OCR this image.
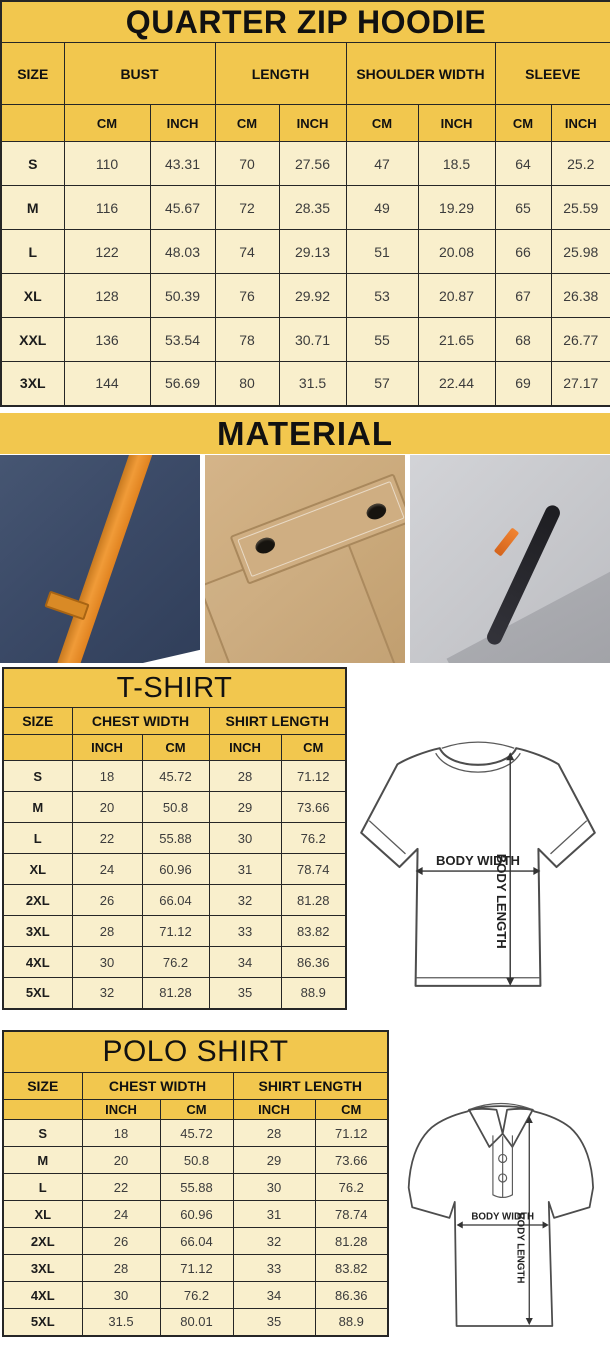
QUARTER ZIP HOODIE								
SIZE	BUST		LENGTH		SHOULDER WIDTH		SLEEVE	
	CM	INCH	CM	INCH	CM	INCH	CM	INCH
S	110	43.31	70	27.56	47	18.5	64	25.2
M	116	45.67	72	28.35	49	19.29	65	25.59
L	122	48.03	74	29.13	51	20.08	66	25.98
XL	128	50.39	76	29.92	53	20.87	67	26.38
XXL	136	53.54	78	30.71	55	21.65	68	26.77
3XL	144	56.69	80	31.5	57	22.44	69	27.17
MATERIAL
T-SHIRT				
SIZE	CHEST WIDTH		SHIRT LENGTH	
	INCH	CM	INCH	CM
S	18	45.72	28	71.12
M	20	50.8	29	73.66
L	22	55.88	30	76.2
XL	24	60.96	31	78.74
2XL	26	66.04	32	81.28
3XL	28	71.12	33	83.82
4XL	30	76.2	34	86.36
5XL	32	81.28	35	88.9
BODY WIDTH
BODY LENGTH
POLO SHIRT				
SIZE	CHEST WIDTH		SHIRT LENGTH	
	INCH	CM	INCH	CM
S	18	45.72	28	71.12
M	20	50.8	29	73.66
L	22	55.88	30	76.2
XL	24	60.96	31	78.74
2XL	26	66.04	32	81.28
3XL	28	71.12	33	83.82
4XL	30	76.2	34	86.36
5XL	31.5	80.01	35	88.9
BODY WIDTH
BODY LENGTH
